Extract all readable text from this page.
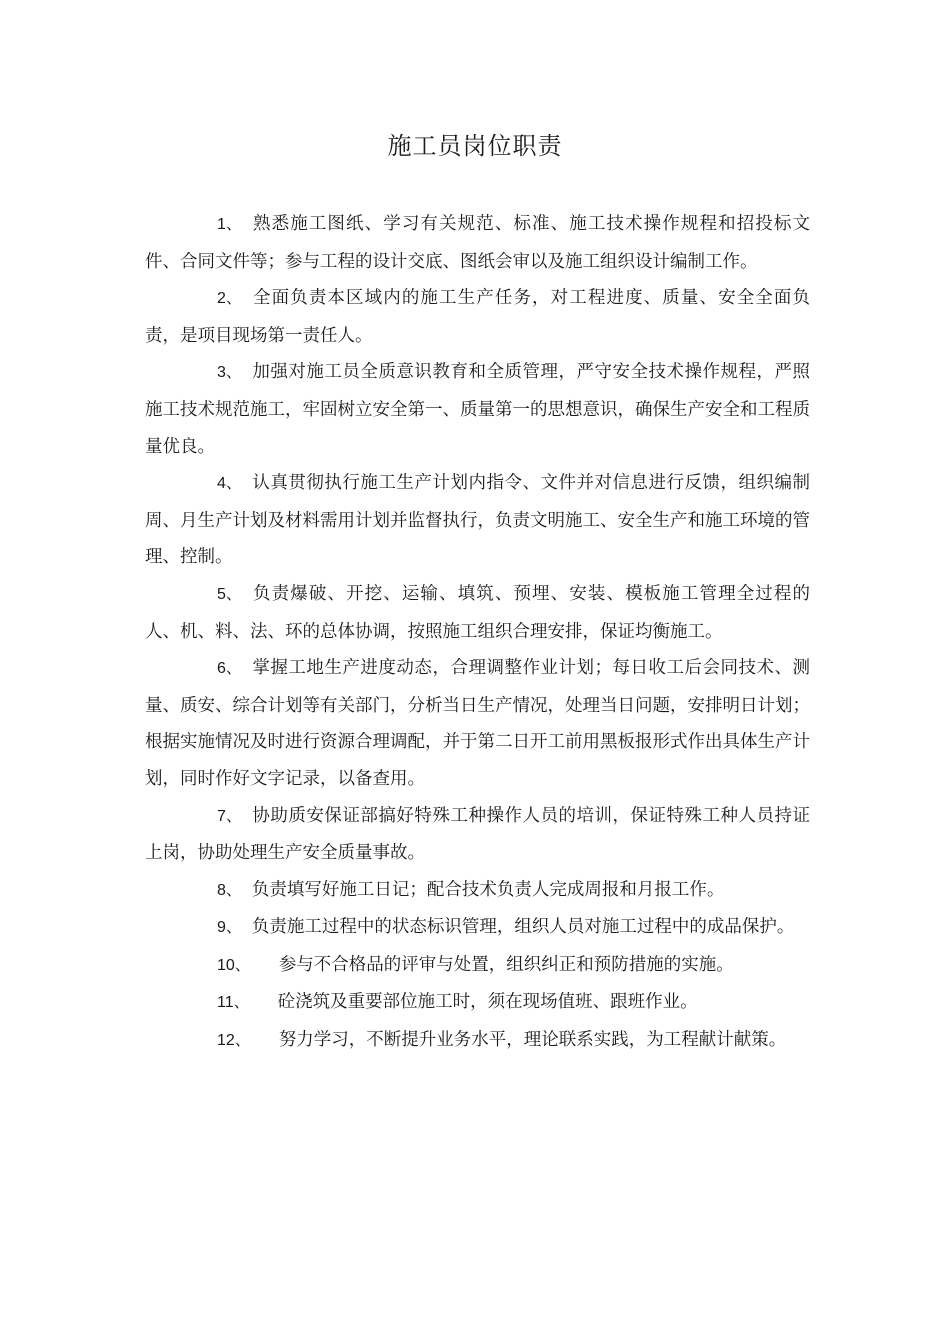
施工员岗位职责

1、 熟悉施工图纸、学习有关规范、标准、施工技术操作规程和招投标文件、合同文件等；参与工程的设计交底、图纸会审以及施工组织设计编制工作。

2、 全面负责本区域内的施工生产任务，对工程进度、质量、安全全面负责，是项目现场第一责任人。

3、 加强对施工员全质意识教育和全质管理，严守安全技术操作规程，严照施工技术规范施工，牢固树立安全第一、质量第一的思想意识，确保生产安全和工程质量优良。

4、 认真贯彻执行施工生产计划内指令、文件并对信息进行反馈，组织编制周、月生产计划及材料需用计划并监督执行，负责文明施工、安全生产和施工环境的管理、控制。

5、 负责爆破、开挖、运输、填筑、预埋、安装、模板施工管理全过程的人、机、料、法、环的总体协调，按照施工组织合理安排，保证均衡施工。

6、 掌握工地生产进度动态，合理调整作业计划；每日收工后会同技术、测量、质安、综合计划等有关部门，分析当日生产情况，处理当日问题，安排明日计划；根据实施情况及时进行资源合理调配，并于第二日开工前用黑板报形式作出具体生产计划，同时作好文字记录，以备查用。

7、 协助质安保证部搞好特殊工种操作人员的培训，保证特殊工种人员持证上岗，协助处理生产安全质量事故。

8、 负责填写好施工日记；配合技术负责人完成周报和月报工作。

9、 负责施工过程中的状态标识管理，组织人员对施工过程中的成品保护。

10、 参与不合格品的评审与处置，组织纠正和预防措施的实施。

11、 砼浇筑及重要部位施工时，须在现场值班、跟班作业。

12、 努力学习，不断提升业务水平，理论联系实践，为工程献计献策。
